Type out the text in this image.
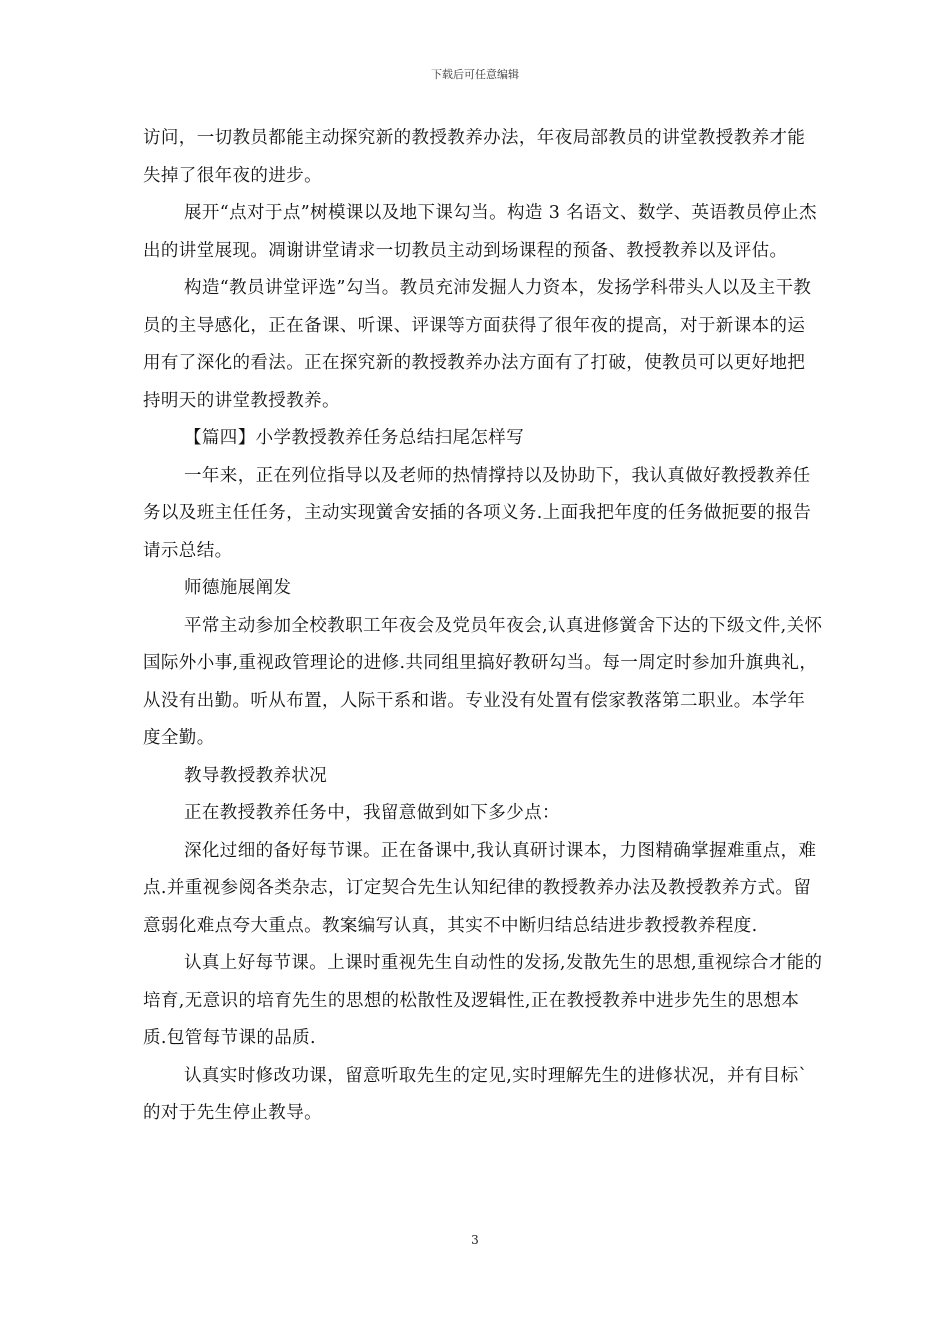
下载后可任意编辑

访问，一切教员都能主动探究新的教授教养办法，年夜局部教员的讲堂教授教养才能失掉了很年夜的进步。

展开“点对于点”树模课以及地下课勾当。构造 3 名语文、数学、英语教员停止杰出的讲堂展现。凋谢讲堂请求一切教员主动到场课程的预备、教授教养以及评估。

构造“教员讲堂评选”勾当。教员充沛发掘人力资本，发扬学科带头人以及主干教员的主导感化，正在备课、听课、评课等方面获得了很年夜的提高，对于新课本的运用有了深化的看法。正在探究新的教授教养办法方面有了打破，使教员可以更好地把持明天的讲堂教授教养。

【篇四】小学教授教养任务总结扫尾怎样写

一年来，正在列位指导以及老师的热情撑持以及协助下，我认真做好教授教养任务以及班主任任务，主动实现黉舍安插的各项义务.上面我把年度的任务做扼要的报告请示总结。

师德施展阐发

平常主动参加全校教职工年夜会及党员年夜会,认真进修黉舍下达的下级文件,关怀国际外小事,重视政管理论的进修.共同组里搞好教研勾当。每一周定时参加升旗典礼，从没有出勤。听从布置，人际干系和谐。专业没有处置有偿家教落第二职业。本学年度全勤。

教导教授教养状况

正在教授教养任务中，我留意做到如下多少点：

深化过细的备好每节课。正在备课中,我认真研讨课本，力图精确掌握难重点，难点.并重视参阅各类杂志，订定契合先生认知纪律的教授教养办法及教授教养方式。留意弱化难点夸大重点。教案编写认真，其实不中断归结总结进步教授教养程度.

认真上好每节课。上课时重视先生自动性的发扬,发散先生的思想,重视综合才能的培育,无意识的培育先生的思想的松散性及逻辑性,正在教授教养中进步先生的思想本质.包管每节课的品质.

认真实时修改功课，留意听取先生的定见,实时理解先生的进修状况，并有目标`的对于先生停止教导。

3
